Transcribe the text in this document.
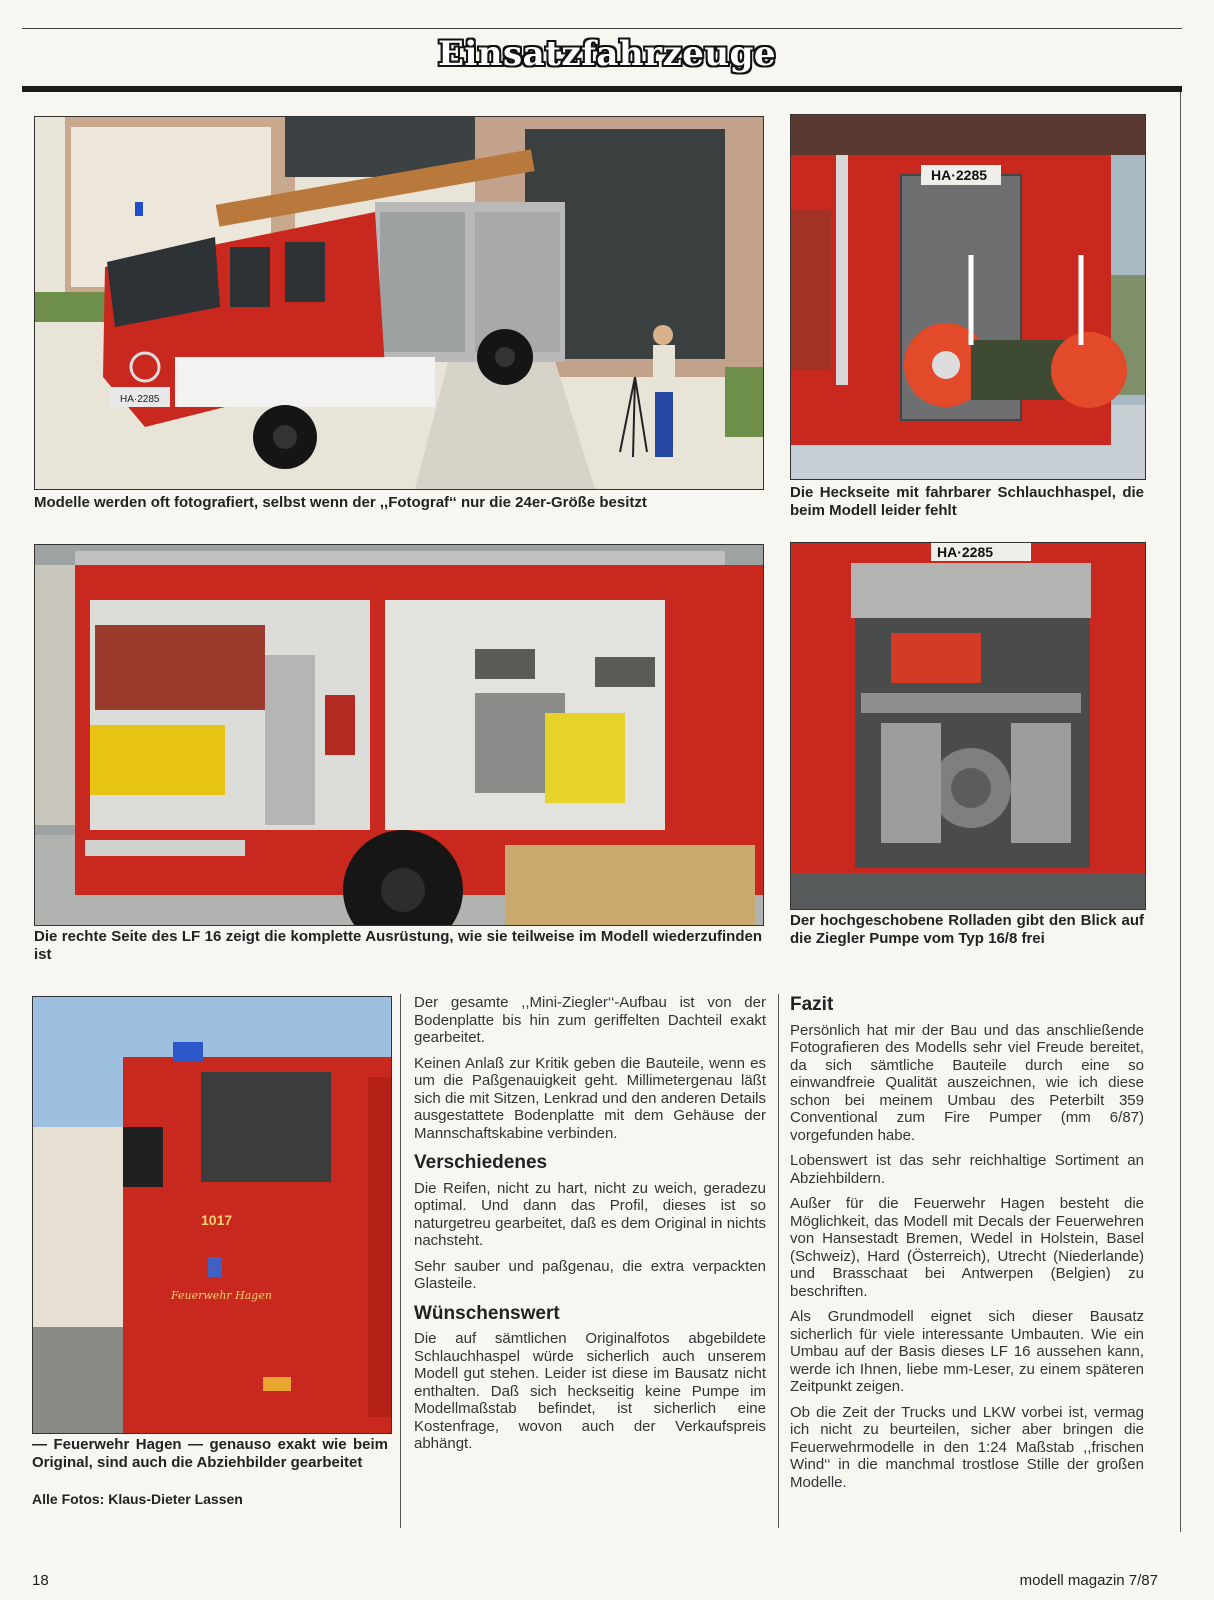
Einsatzfahrzeuge
HA·2285
Modelle werden oft fotografiert, selbst wenn der ,,Fotograf‘‘ nur die 24er-Größe besitzt
HA·2285
Die Heckseite mit fahrbarer Schlauchhaspel, die beim Modell leider fehlt
Die rechte Seite des LF 16 zeigt die komplette Ausrüstung, wie sie teilweise im Modell wiederzufinden ist
HA·2285
Der hochgeschobene Rolladen gibt den Blick auf die Ziegler Pumpe vom Typ 16/8 frei
1017
Feuerwehr Hagen
— Feuerwehr Hagen — genauso exakt wie beim Original, sind auch die Abziehbilder gearbeitet
Alle Fotos: Klaus-Dieter Lassen

Der gesamte ,,Mini-Ziegler‘‘-Aufbau ist von der Bodenplatte bis hin zum geriffelten Dachteil exakt gearbeitet.

Keinen Anlaß zur Kritik geben die Bauteile, wenn es um die Paßgenauigkeit geht. Millimetergenau läßt sich die mit Sitzen, Lenkrad und den anderen Details ausgestattete Bodenplatte mit dem Gehäuse der Mannschaftskabine verbinden.

Verschiedenes

Die Reifen, nicht zu hart, nicht zu weich, geradezu optimal. Und dann das Profil, dieses ist so naturgetreu gearbeitet, daß es dem Original in nichts nachsteht.

Sehr sauber und paßgenau, die extra verpackten Glasteile.

Wünschenswert

Die auf sämtlichen Originalfotos abgebildete Schlauchhaspel würde sicherlich auch unserem Modell gut stehen. Leider ist diese im Bausatz nicht enthalten. Daß sich heckseitig keine Pumpe im Modellmaßstab befindet, ist sicherlich eine Kostenfrage, wovon auch der Verkaufspreis abhängt.

Fazit

Persönlich hat mir der Bau und das anschließende Fotografieren des Modells sehr viel Freude bereitet, da sich sämtliche Bauteile durch eine so einwandfreie Qualität auszeichnen, wie ich diese schon bei meinem Umbau des Peterbilt 359 Conventional zum Fire Pumper (mm 6/87) vorgefunden habe.

Lobenswert ist das sehr reichhaltige Sortiment an Abziehbildern.

Außer für die Feuerwehr Hagen besteht die Möglichkeit, das Modell mit Decals der Feuerwehren von Hansestadt Bremen, Wedel in Holstein, Basel (Schweiz), Hard (Österreich), Utrecht (Niederlande) und Brasschaat bei Antwerpen (Belgien) zu beschriften.

Als Grundmodell eignet sich dieser Bausatz sicherlich für viele interessante Umbauten. Wie ein Umbau auf der Basis dieses LF 16 aussehen kann, werde ich Ihnen, liebe mm-Leser, zu einem späteren Zeitpunkt zeigen.

Ob die Zeit der Trucks und LKW vorbei ist, vermag ich nicht zu beurteilen, sicher aber bringen die Feuerwehrmodelle in den 1:24 Maßstab ,,frischen Wind‘‘ in die manchmal trostlose Stille der großen Modelle.

18	modell magazin 7/87
